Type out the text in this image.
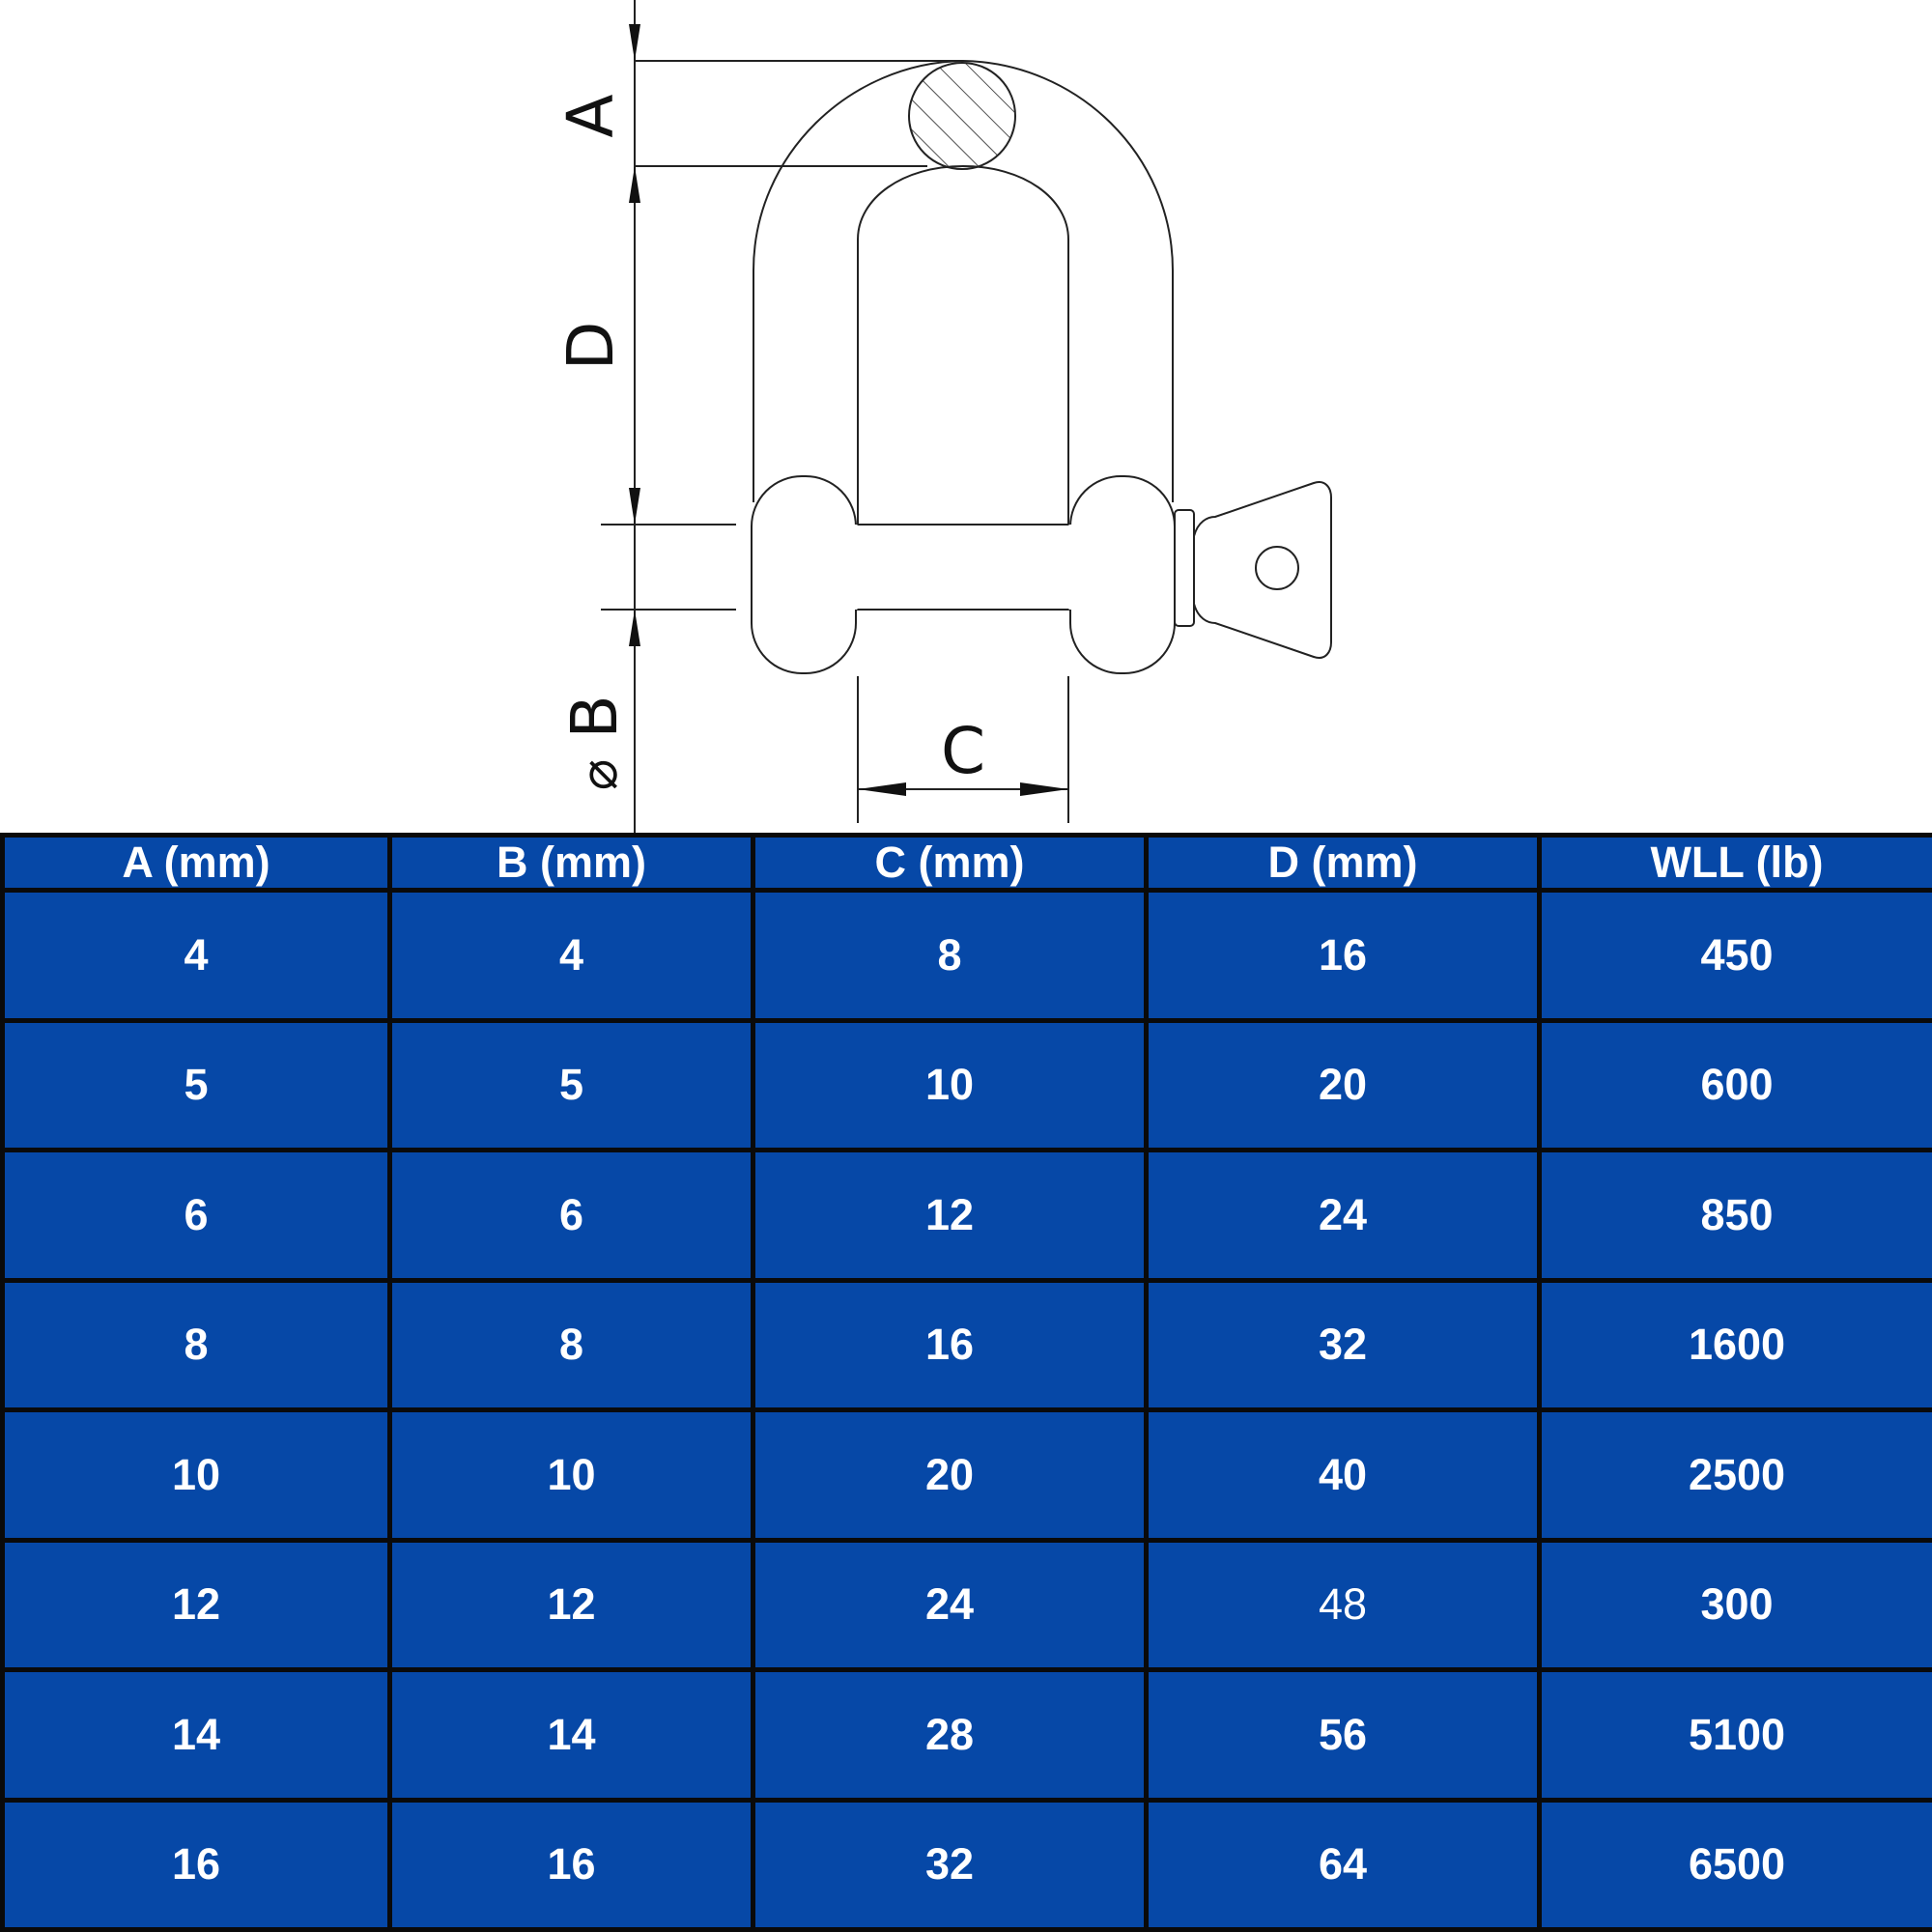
A
D
B
⌀	C
A (mm)	B (mm)	C (mm)	D (mm)	WLL (lb)
4	4	8	16	450
5	5	10	20	600
6	6	12	24	850
8	8	16	32	1600
10	10	20	40	2500
12	12	24	48	300
14	14	28	56	5100
16	16	32	64	6500
